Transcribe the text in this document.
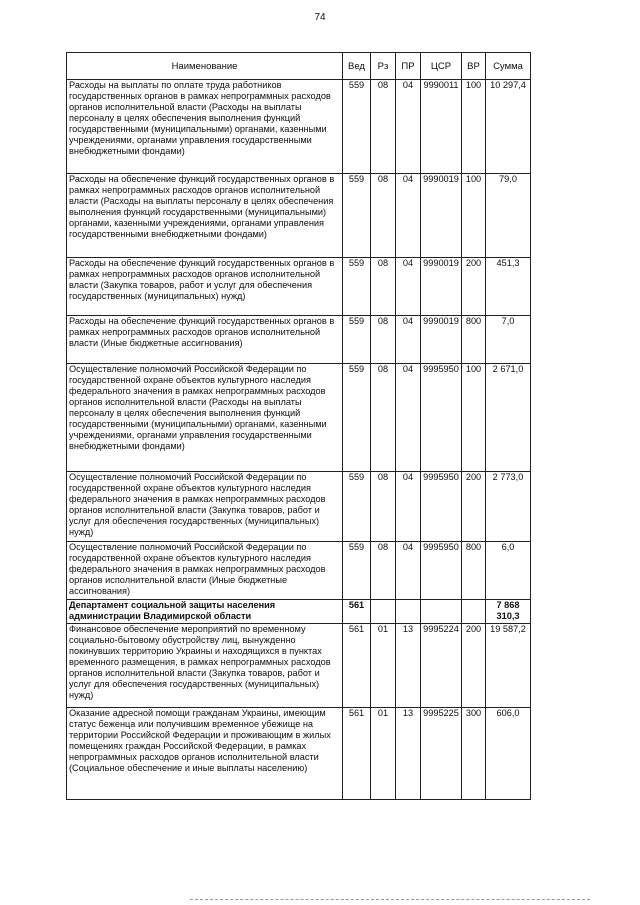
74
Наименование	Вед	Рз	ПР	ЦСР	ВР	Сумма
Расходы на выплаты по оплате труда работников государственных органов в рамках непрограммных расходов органов исполнительной власти (Расходы на выплаты персоналу в целях обеспечения выполнения функций государственными (муниципальными) органами, казенными учреждениями, органами управления государственными внебюджетными фондами)	559	08	04	9990011	100	10 297,4
Расходы на обеспечение функций государственных органов в рамках непрограммных расходов органов исполнительной власти (Расходы на выплаты персоналу в целях обеспечения выполнения функций государственными (муниципальными) органами, казенными учреждениями, органами управления государственными внебюджетными фондами)	559	08	04	9990019	100	79,0
Расходы на обеспечение функций государственных органов в рамках непрограммных расходов органов исполнительной власти (Закупка товаров, работ и услуг для обеспечения государственных (муниципальных) нужд)	559	08	04	9990019	200	451,3
Расходы на обеспечение функций государственных органов в рамках непрограммных расходов органов исполнительной власти (Иные бюджетные ассигнования)	559	08	04	9990019	800	7,0
Осуществление полномочий Российской Федерации по государственной охране объектов культурного наследия федерального значения в рамках непрограммных расходов органов исполнительной власти (Расходы на выплаты персоналу в целях обеспечения выполнения функций государственными (муниципальными) органами, казенными учреждениями, органами управления государственными внебюджетными фондами)	559	08	04	9995950	100	2 671,0
Осуществление полномочий Российской Федерации по государственной охране объектов культурного наследия федерального значения в рамках непрограммных расходов органов исполнительной власти (Закупка товаров, работ и услуг для обеспечения государственных (муниципальных) нужд)	559	08	04	9995950	200	2 773,0
Осуществление полномочий Российской Федерации по государственной охране объектов культурного наследия федерального значения в рамках непрограммных расходов органов исполнительной власти (Иные бюджетные ассигнования)	559	08	04	9995950	800	6,0
Департамент социальной защиты населения администрации Владимирской области	561					7 868 310,3
Финансовое обеспечение мероприятий по временному социально-бытовому обустройству лиц, вынужденно покинувших территорию Украины и находящихся в пунктах временного размещения, в рамках непрограммных расходов органов исполнительной власти (Закупка товаров, работ и услуг для обеспечения государственных (муниципальных) нужд)	561	01	13	9995224	200	19 587,2
Оказание адресной помощи гражданам Украины, имеющим статус беженца или получившим временное убежище на территории Российской Федерации и проживающим в жилых помещениях граждан Российской Федерации, в рамках непрограммных расходов органов исполнительной власти (Социальное обеспечение и иные выплаты населению)	561	01	13	9995225	300	606,0
